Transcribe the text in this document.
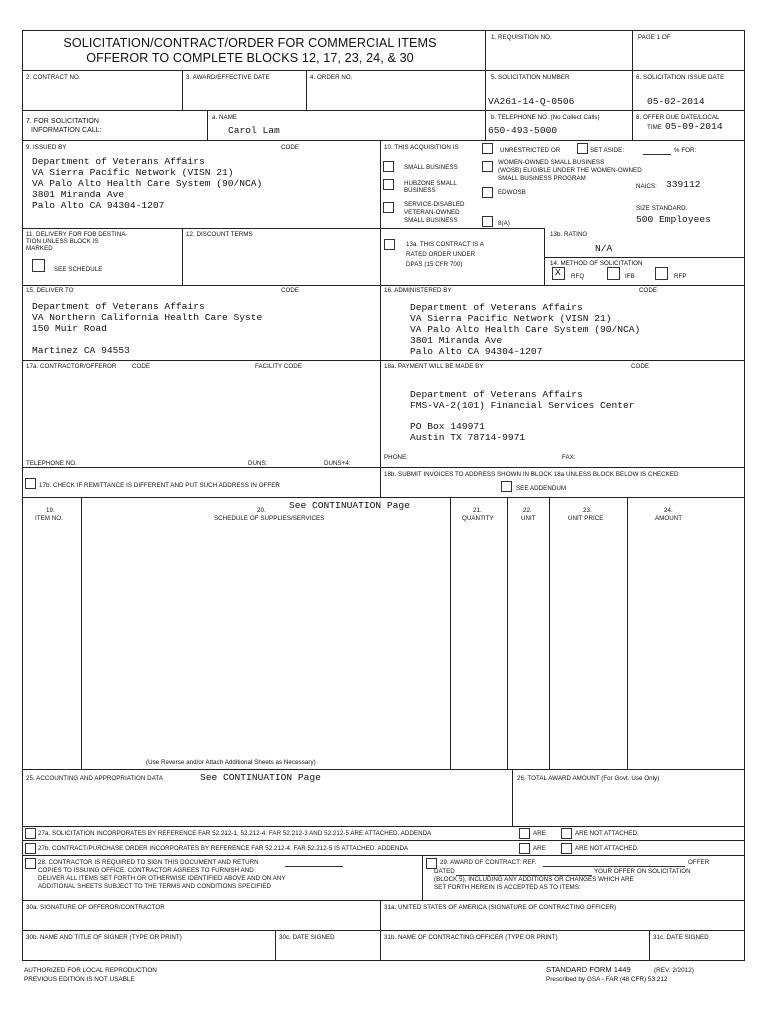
SOLICITATION/CONTRACT/ORDER FOR COMMERCIAL ITEMS
OFFEROR TO COMPLETE BLOCKS 12, 17, 23, 24, & 30
1. REQUISITION NO.	PAGE 1 OF
2. CONTRACT NO.	3. AWARD/EFFECTIVE DATE	4. ORDER NO.	5. SOLICITATION NUMBER
VA261-14-Q-0506
6. SOLICITATION ISSUE DATE
05-02-2014
7. FOR SOLICITATION
INFORMATION CALL:
a. NAME
Carol Lam
b. TELEPHONE NO. (No Collect Calls)
650-493-5000
8. OFFER DUE DATE/LOCAL
TIME 05-09-2014
9. ISSUED BY	CODE
Department of Veterans Affairs
VA Sierra Pacific Network (VISN 21)
VA Palo Alto Health Care System (90/NCA)
3801 Miranda Ave
Palo Alto CA 94304-1207
10. THIS ACQUISITION IS	UNRESTRICTED OR	SET ASIDE:	% FOR:
SMALL BUSINESS
HUBZONE SMALL
BUSINESS
SERVICE-DISABLED
VETERAN-OWNED
SMALL BUSINESS
WOMEN-OWNED SMALL BUSINESS
(WOSB) ELIGIBLE UNDER THE WOMEN-OWNED
SMALL BUSINESS PROGRAM
EDWOSB
8(A)
NAICS: 339112
SIZE STANDARD:
500 Employees
11. DELIVERY FOR FOB DESTINA-
TION UNLESS BLOCK IS
MARKED
SEE SCHEDULE
12. DISCOUNT TERMS
13a. THIS CONTRACT IS A
RATED ORDER UNDER
DPAS (15 CFR 700)
13b. RATING
N/A
14. METHOD OF SOLICITATION
X RFQ	IFB	RFP
15. DELIVER TO	CODE
Department of Veterans Affairs
VA Northern California Health Care Syste
150 Muir Road
Martinez CA 94553
16. ADMINISTERED BY	CODE
Department of Veterans Affairs
VA Sierra Pacific Network (VISN 21)
VA Palo Alto Health Care System (90/NCA)
3801 Miranda Ave
Palo Alto CA 94304-1207
17a. CONTRACTOR/OFFEROR	CODE	FACILITY CODE
TELEPHONE NO.	DUNS:	DUNS+4:
17b. CHECK IF REMITTANCE IS DIFFERENT AND PUT SUCH ADDRESS IN OFFER
18a. PAYMENT WILL BE MADE BY	CODE
Department of Veterans Affairs
FMS-VA-2(101) Financial Services Center
PO Box 149971
Austin TX 78714-9971
PHONE:	FAX:
18b. SUBMIT INVOICES TO ADDRESS SHOWN IN BLOCK 18a UNLESS BLOCK BELOW IS CHECKED
SEE ADDENDUM
19.
ITEM NO.
20.
SCHEDULE OF SUPPLIES/SERVICES
See CONTINUATION Page	21.
QUANTITY
22.
UNIT
23.
UNIT PRICE
24.
AMOUNT
(Use Reverse and/or Attach Additional Sheets as Necessary)
25. ACCOUNTING AND APPROPRIATION DATA	See CONTINUATION Page	26. TOTAL AWARD AMOUNT (For Govt. Use Only)
27a. SOLICITATION INCORPORATES BY REFERENCE FAR 52.212-1, 52.212-4. FAR 52.212-3 AND 52.212-5 ARE ATTACHED. ADDENDA	ARE	ARE NOT ATTACHED.
27b. CONTRACT/PURCHASE ORDER INCORPORATES BY REFERENCE FAR 52.212-4. FAR 52.212-5 IS ATTACHED. ADDENDA	ARE	ARE NOT ATTACHED.
28. CONTRACTOR IS REQUIRED TO SIGN THIS DOCUMENT AND RETURN
COPIES TO ISSUING OFFICE. CONTRACTOR AGREES TO FURNISH AND
DELIVER ALL ITEMS SET FORTH OR OTHERWISE IDENTIFIED ABOVE AND ON ANY
ADDITIONAL SHEETS SUBJECT TO THE TERMS AND CONDITIONS SPECIFIED
29. AWARD OF CONTRACT: REF.	OFFER
DATED	YOUR OFFER ON SOLICITATION
(BLOCK 5), INCLUDING ANY ADDITIONS OR CHANGES WHICH ARE
SET FORTH HEREIN IS ACCEPTED AS TO ITEMS:
30a. SIGNATURE OF OFFEROR/CONTRACTOR	31a. UNITED STATES OF AMERICA (SIGNATURE OF CONTRACTING OFFICER)
30b. NAME AND TITLE OF SIGNER (TYPE OR PRINT)	30c. DATE SIGNED	31b. NAME OF CONTRACTING OFFICER (TYPE OR PRINT)	31c. DATE SIGNED
AUTHORIZED FOR LOCAL REPRODUCTION
PREVIOUS EDITION IS NOT USABLE
STANDARD FORM 1449	(REV. 2/2012)
Prescribed by GSA - FAR (48 CFR) 53.212
